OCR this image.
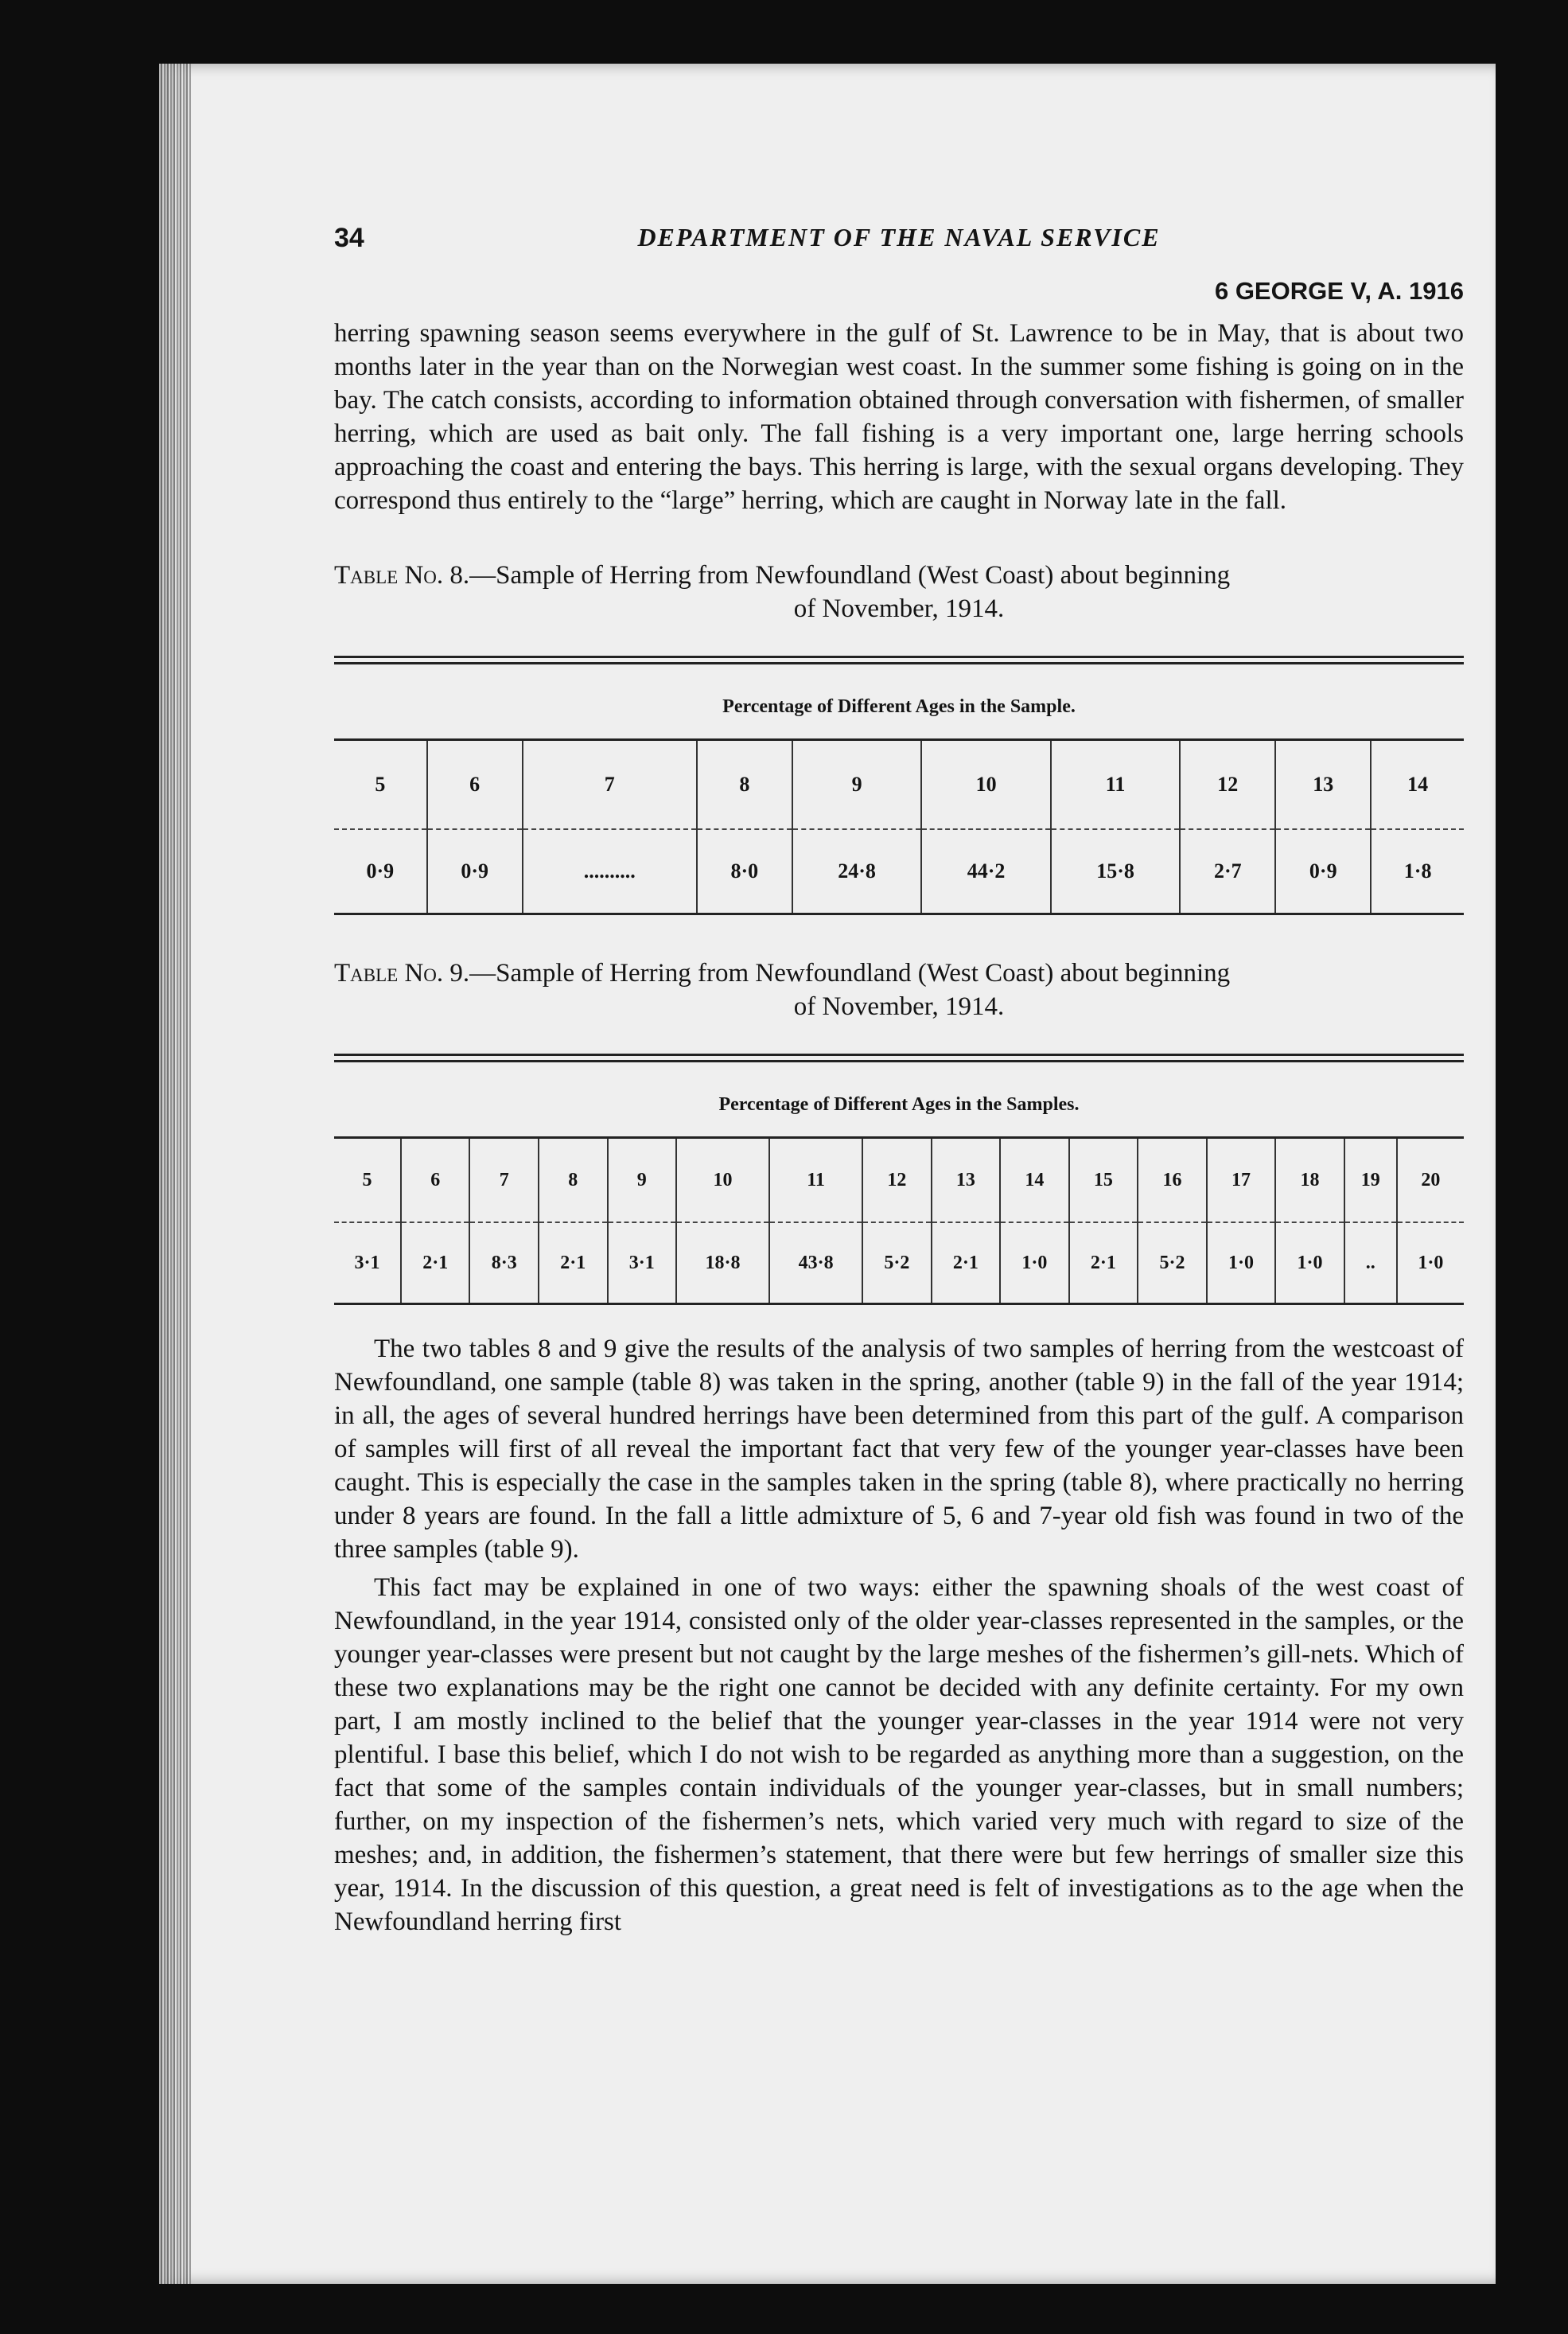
34	DEPARTMENT OF THE NAVAL SERVICE
6 GEORGE V, A. 1916

herring spawning season seems everywhere in the gulf of St. Lawrence to be in May, that is about two months later in the year than on the Norwegian west coast. In the summer some fishing is going on in the bay. The catch consists, according to information obtained through conversation with fishermen, of smaller herring, which are used as bait only. The fall fishing is a very important one, large herring schools approaching the coast and entering the bays. This herring is large, with the sexual organs developing. They correspond thus entirely to the “large” herring, which are caught in Norway late in the fall.

Table No. 8.—Sample of Herring from Newfoundland (West Coast) about beginning
of November, 1914.
Percentage of Different Ages in the Sample.
5	6	7	8	9	10	11	12	13	14
0·9	0·9	..........	8·0	24·8	44·2	15·8	2·7	0·9	1·8
Table No. 9.—Sample of Herring from Newfoundland (West Coast) about beginning
of November, 1914.
Percentage of Different Ages in the Samples.
5	6	7	8	9	10	11	12	13	14	15	16	17	18	19	20
3·1	2·1	8·3	2·1	3·1	18·8	43·8	5·2	2·1	1·0	2·1	5·2	1·0	1·0	..	1·0

The two tables 8 and 9 give the results of the analysis of two samples of herring from the westcoast of Newfoundland, one sample (table 8) was taken in the spring, another (table 9) in the fall of the year 1914; in all, the ages of several hundred herrings have been determined from this part of the gulf. A comparison of samples will first of all reveal the important fact that very few of the younger year-classes have been caught. This is especially the case in the samples taken in the spring (table 8), where practically no herring under 8 years are found. In the fall a little admixture of 5, 6 and 7-year old fish was found in two of the three samples (table 9).

This fact may be explained in one of two ways: either the spawning shoals of the west coast of Newfoundland, in the year 1914, consisted only of the older year-classes represented in the samples, or the younger year-classes were present but not caught by the large meshes of the fishermen’s gill-nets. Which of these two explanations may be the right one cannot be decided with any definite certainty. For my own part, I am mostly inclined to the belief that the younger year-classes in the year 1914 were not very plentiful. I base this belief, which I do not wish to be regarded as anything more than a suggestion, on the fact that some of the samples contain individuals of the younger year-classes, but in small numbers; further, on my inspection of the fishermen’s nets, which varied very much with regard to size of the meshes; and, in addition, the fishermen’s statement, that there were but few herrings of smaller size this year, 1914. In the discussion of this question, a great need is felt of investigations as to the age when the Newfoundland herring first
